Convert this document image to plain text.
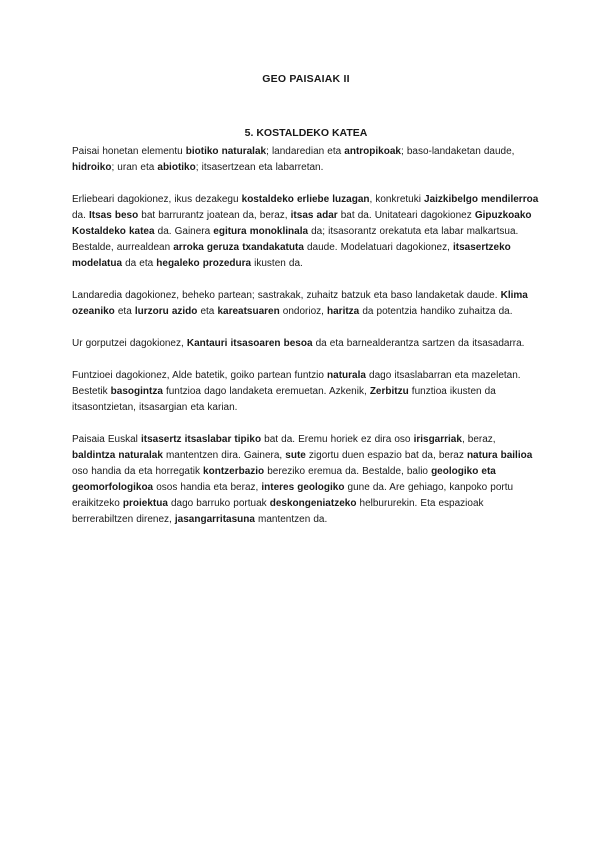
GEO PAISAIAK II
5. KOSTALDEKO KATEA

Paisai honetan elementu biotiko naturalak; landaredian eta antropikoak; baso-landaketan daude, hidroiko; uran eta abiotiko; itsasertzean eta labarretan.

Erliebeari dagokionez, ikus dezakegu kostaldeko erliebe luzagan, konkretuki Jaizkibelgo mendilerroa da. Itsas beso bat barrurantz joatean da, beraz, itsas adar bat da. Unitateari dagokionez Gipuzkoako Kostaldeko katea da. Gainera egitura monoklinala da; itsasorantz orekatuta eta labar malkartsua. Bestalde, aurrealdean arroka geruza txandakatuta daude. Modelatuari dagokionez, itsasertzeko modelatua da eta hegaleko prozedura ikusten da.

Landarediа dagokionez, beheko partean; sastrakak, zuhaitz batzuk eta baso landaketak daude. Klima ozeaniko eta lurzoru azido eta kareatsuaren ondorioz, haritza da potentzia handiko zuhaitza da.

Ur gorputzei dagokionez, Kantauri itsasoaren besoa da eta barnealderantza sartzen da itsasadarra.

Funtzioei dagokionez, Alde batetik, goiko partean funtzio naturala dago itsaslabarran eta mazeletan. Bestetik basogintza funtzioa dago landaketa eremuetan. Azkenik, Zerbitzu funztioa ikusten da itsasontzietan, itsasargian eta karian.

Paisaia Euskal itsasertz itsaslabar tipiko bat da. Eremu horiek ez dira oso irisgarriak, beraz, baldintza naturalak mantentzen dira. Gainera, sute zigortu duen espazio bat da, beraz natura bailioa oso handia da eta horregatik kontzerbazio bereziko eremua da. Bestalde, balio geologiko eta geomorfologikoa osos handia eta beraz, interes geologiko gune da. Are gehiago, kanpoko portu eraikitzeko proiektua dago barruko portuak deskongeniatzeko helbururekin. Eta espazioak berrerabiltzen direnez, jasangarritasuna mantentzen da.
